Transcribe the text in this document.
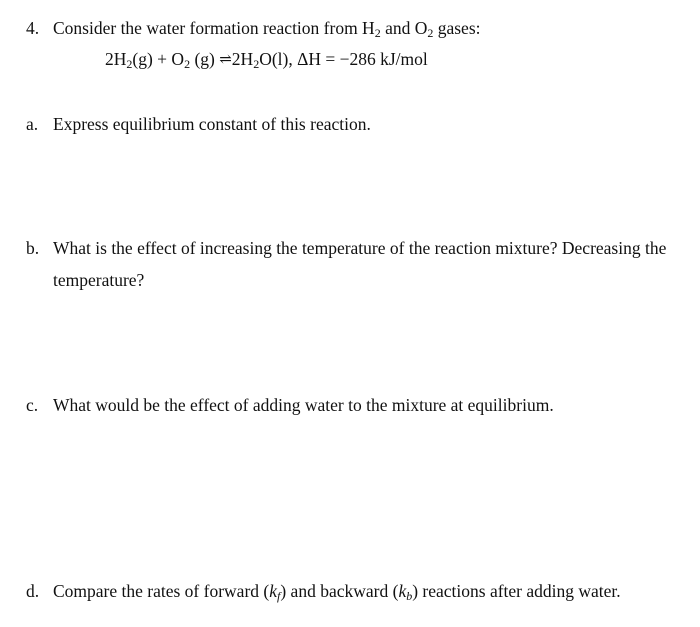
4. Consider the water formation reaction from $H_2$ and $O_2$ gases:
$2H_2(g) + O_2$ (g) $\rightleftharpoons 2H_2O(l)$, ΔH = −286 kJ/mol
a. Express equilibrium constant of this reaction.
b. What is the effect of increasing the temperature of the reaction mixture? Decreasing the
temperature?
c. What would be the effect of adding water to the mixture at equilibrium.
d. Compare the rates of forward $(k_f)$ and backward $(k_b)$ reactions after adding water.
